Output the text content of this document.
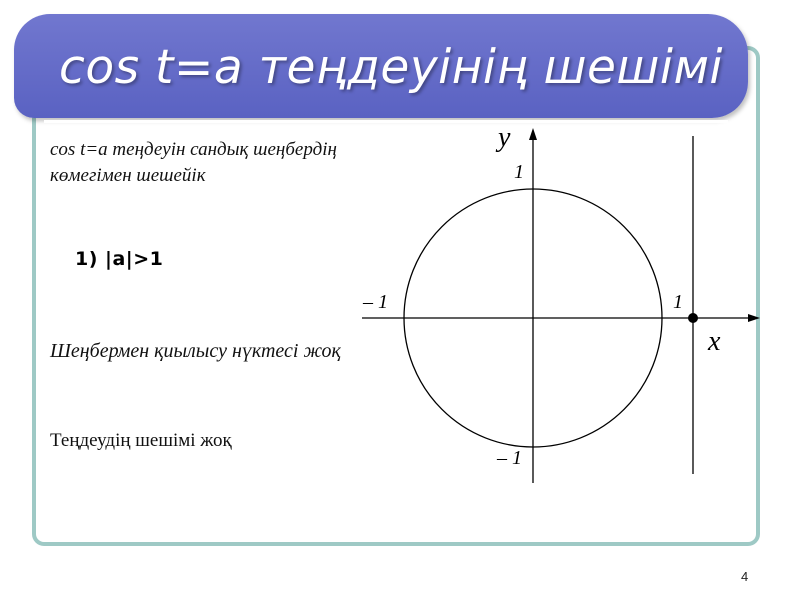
cos t=a теңдеуінің шешімі
cos t=a теңдеуін сандық шеңбердің көмегімен шешейік
1) |a|>1
Шеңбермен қиылысу нүктесі жоқ
Теңдеудің шешімі жоқ
y
x
1
1
– 1
– 1
4
